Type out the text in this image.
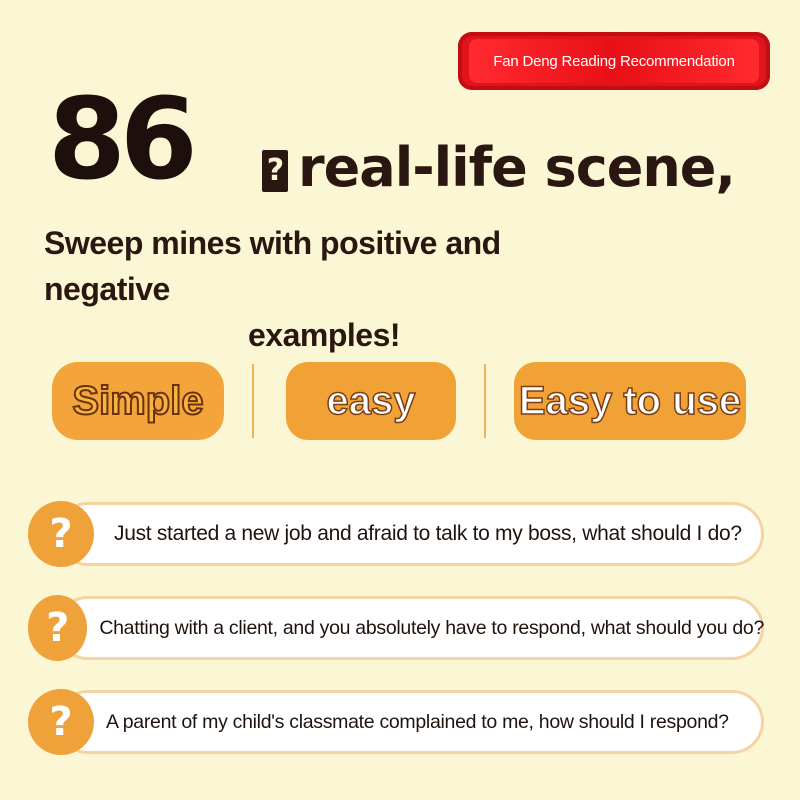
Fan Deng Reading Recommendation
86	? real-life scene,
Sweep mines with positive and negative
examples!
Simple	easy	Easy to use
?	Just started a new job and afraid to talk to my boss, what should I do?
?	Chatting with a client, and you absolutely have to respond, what should you do?
?	A parent of my child's classmate complained to me, how should I respond?
